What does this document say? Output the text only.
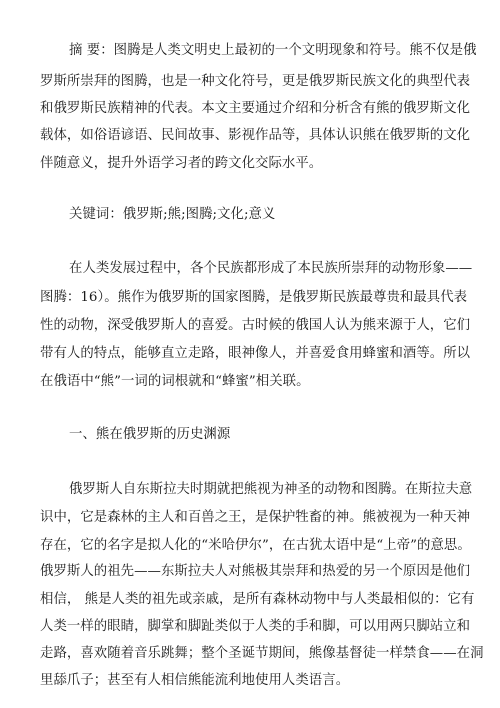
摘 要：图腾是人类文明史上最初的一个文明现象和符号。熊不仅是俄
罗斯所崇拜的图腾，也是一种文化符号，更是俄罗斯民族文化的典型代表
和俄罗斯民族精神的代表。本文主要通过介绍和分析含有熊的俄罗斯文化
载体，如俗语谚语、民间故事、影视作品等，具体认识熊在俄罗斯的文化
伴随意义，提升外语学习者的跨文化交际水平。
关键词：俄罗斯;熊;图腾;文化;意义
在人类发展过程中，各个民族都形成了本民族所崇拜的动物形象——
图腾：16）。熊作为俄罗斯的国家图腾，是俄罗斯民族最尊贵和最具代表
性的动物，深受俄罗斯人的喜爱。古时候的俄国人认为熊来源于人，它们
带有人的特点，能够直立走路，眼神像人，并喜爱食用蜂蜜和酒等。所以
在俄语中“熊”一词的词根就和“蜂蜜”相关联。
一、熊在俄罗斯的历史渊源
俄罗斯人自东斯拉夫时期就把熊视为神圣的动物和图腾。在斯拉夫意
识中，它是森林的主人和百兽之王，是保护牲畜的神。熊被视为一种天神
存在，它的名字是拟人化的“米哈伊尔”，在古犹太语中是“上帝”的意思。
俄罗斯人的祖先——东斯拉夫人对熊极其崇拜和热爱的另一个原因是他们
相信， 熊是人类的祖先或亲戚，是所有森林动物中与人类最相似的：它有
人类一样的眼睛，脚掌和脚趾类似于人类的手和脚，可以用两只脚站立和
走路，喜欢随着音乐跳舞；整个圣诞节期间，熊像基督徒一样禁食——在洞
里舔爪子；甚至有人相信熊能流利地使用人类语言。
